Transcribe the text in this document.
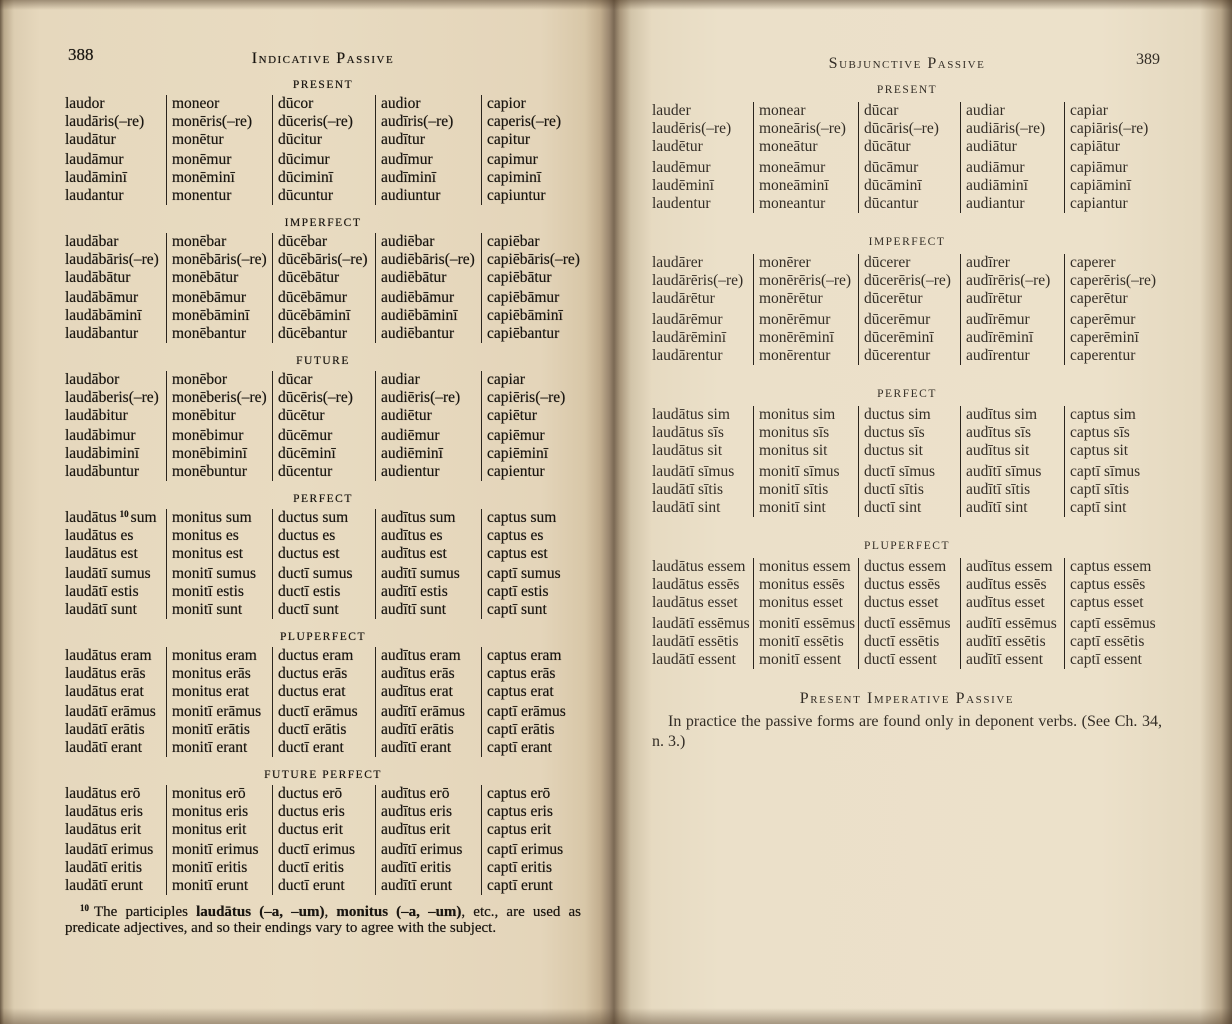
388	Indicative Passive
PRESENT
laudor
laudāris(–re)
laudātur
laudāmur
laudāminī
laudantur
moneor
monēris(–re)
monētur
monēmur
monēminī
monentur
dūcor
dūceris(–re)
dūcitur
dūcimur
dūciminī
dūcuntur
audior
audīris(–re)
audītur
audīmur
audīminī
audiuntur
capior
caperis(–re)
capitur
capimur
capiminī
capiuntur
IMPERFECT
laudābar
laudābāris(–re)
laudābātur
laudābāmur
laudābāminī
laudābantur
monēbar
monēbāris(–re)
monēbātur
monēbāmur
monēbāminī
monēbantur
dūcēbar
dūcēbāris(–re)
dūcēbātur
dūcēbāmur
dūcēbāminī
dūcēbantur
audiēbar
audiēbāris(–re)
audiēbātur
audiēbāmur
audiēbāminī
audiēbantur
capiēbar
capiēbāris(–re)
capiēbātur
capiēbāmur
capiēbāminī
capiēbantur
FUTURE
laudābor
laudāberis(–re)
laudābitur
laudābimur
laudābiminī
laudābuntur
monēbor
monēberis(–re)
monēbitur
monēbimur
monēbiminī
monēbuntur
dūcar
dūcēris(–re)
dūcētur
dūcēmur
dūcēminī
dūcentur
audiar
audiēris(–re)
audiētur
audiēmur
audiēminī
audientur
capiar
capiēris(–re)
capiētur
capiēmur
capiēminī
capientur
PERFECT
laudātus $^{10}$ sum
laudātus es
laudātus est
laudātī sumus
laudātī estis
laudātī sunt
monitus sum
monitus es
monitus est
monitī sumus
monitī estis
monitī sunt
ductus sum
ductus es
ductus est
ductī sumus
ductī estis
ductī sunt
audītus sum
audītus es
audītus est
audītī sumus
audītī estis
audītī sunt
captus sum
captus es
captus est
captī sumus
captī estis
captī sunt
PLUPERFECT
laudātus eram
laudātus erās
laudātus erat
laudātī erāmus
laudātī erātis
laudātī erant
monitus eram
monitus erās
monitus erat
monitī erāmus
monitī erātis
monitī erant
ductus eram
ductus erās
ductus erat
ductī erāmus
ductī erātis
ductī erant
audītus eram
audītus erās
audītus erat
audītī erāmus
audītī erātis
audītī erant
captus eram
captus erās
captus erat
captī erāmus
captī erātis
captī erant
FUTURE PERFECT
laudātus erō
laudātus eris
laudātus erit
laudātī erimus
laudātī eritis
laudātī erunt
monitus erō
monitus eris
monitus erit
monitī erimus
monitī eritis
monitī erunt
ductus erō
ductus eris
ductus erit
ductī erimus
ductī eritis
ductī erunt
audītus erō
audītus eris
audītus erit
audītī erimus
audītī eritis
audītī erunt
captus erō
captus eris
captus erit
captī erimus
captī eritis
captī erunt

$^{10}$ The participles laudātus (–a, –um), monitus (–a, –um), etc., are used as predicate adjectives, and so their endings vary to agree with the subject.

389
Subjunctive Passive
PRESENT
lauder
laudēris(–re)
laudētur
laudēmur
laudēminī
laudentur
monear
moneāris(–re)
moneātur
moneāmur
moneāminī
moneantur
dūcar
dūcāris(–re)
dūcātur
dūcāmur
dūcāminī
dūcantur
audiar
audiāris(–re)
audiātur
audiāmur
audiāminī
audiantur
capiar
capiāris(–re)
capiātur
capiāmur
capiāminī
capiantur
IMPERFECT
laudārer
laudārēris(–re)
laudārētur
laudārēmur
laudārēminī
laudārentur
monērer
monērēris(–re)
monērētur
monērēmur
monērēminī
monērentur
dūcerer
dūcerēris(–re)
dūcerētur
dūcerēmur
dūcerēminī
dūcerentur
audīrer
audīrēris(–re)
audīrētur
audīrēmur
audīrēminī
audīrentur
caperer
caperēris(–re)
caperētur
caperēmur
caperēminī
caperentur
PERFECT
laudātus sim
laudātus sīs
laudātus sit
laudātī sīmus
laudātī sītis
laudātī sint
monitus sim
monitus sīs
monitus sit
monitī sīmus
monitī sītis
monitī sint
ductus sim
ductus sīs
ductus sit
ductī sīmus
ductī sītis
ductī sint
audītus sim
audītus sīs
audītus sit
audītī sīmus
audītī sītis
audītī sint
captus sim
captus sīs
captus sit
captī sīmus
captī sītis
captī sint
PLUPERFECT
laudātus essem
laudātus essēs
laudātus esset
laudātī essēmus
laudātī essētis
laudātī essent
monitus essem
monitus essēs
monitus esset
monitī essēmus
monitī essētis
monitī essent
ductus essem
ductus essēs
ductus esset
ductī essēmus
ductī essētis
ductī essent
audītus essem
audītus essēs
audītus esset
audītī essēmus
audītī essētis
audītī essent
captus essem
captus essēs
captus esset
captī essēmus
captī essētis
captī essent
Present Imperative Passive

In practice the passive forms are found only in deponent verbs. (See Ch. 34, n. 3.)
